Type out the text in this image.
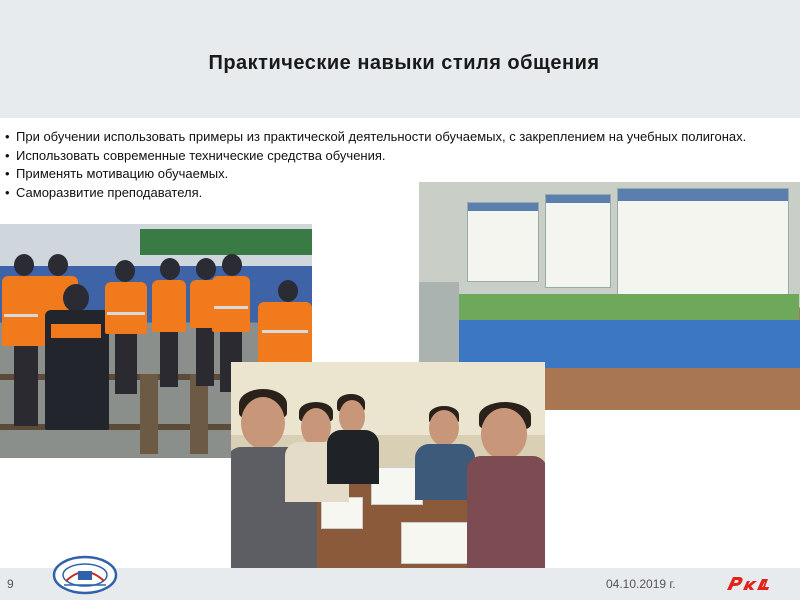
Практические навыки стиля общения
• При обучении использовать примеры из практической деятельности обучаемых, с закреплением на учебных полигонах.
• Использовать современные технические средства обучения.
• Применять мотивацию обучаемых.
• Саморазвитие преподавателя.
9	04.10.2019 г.
